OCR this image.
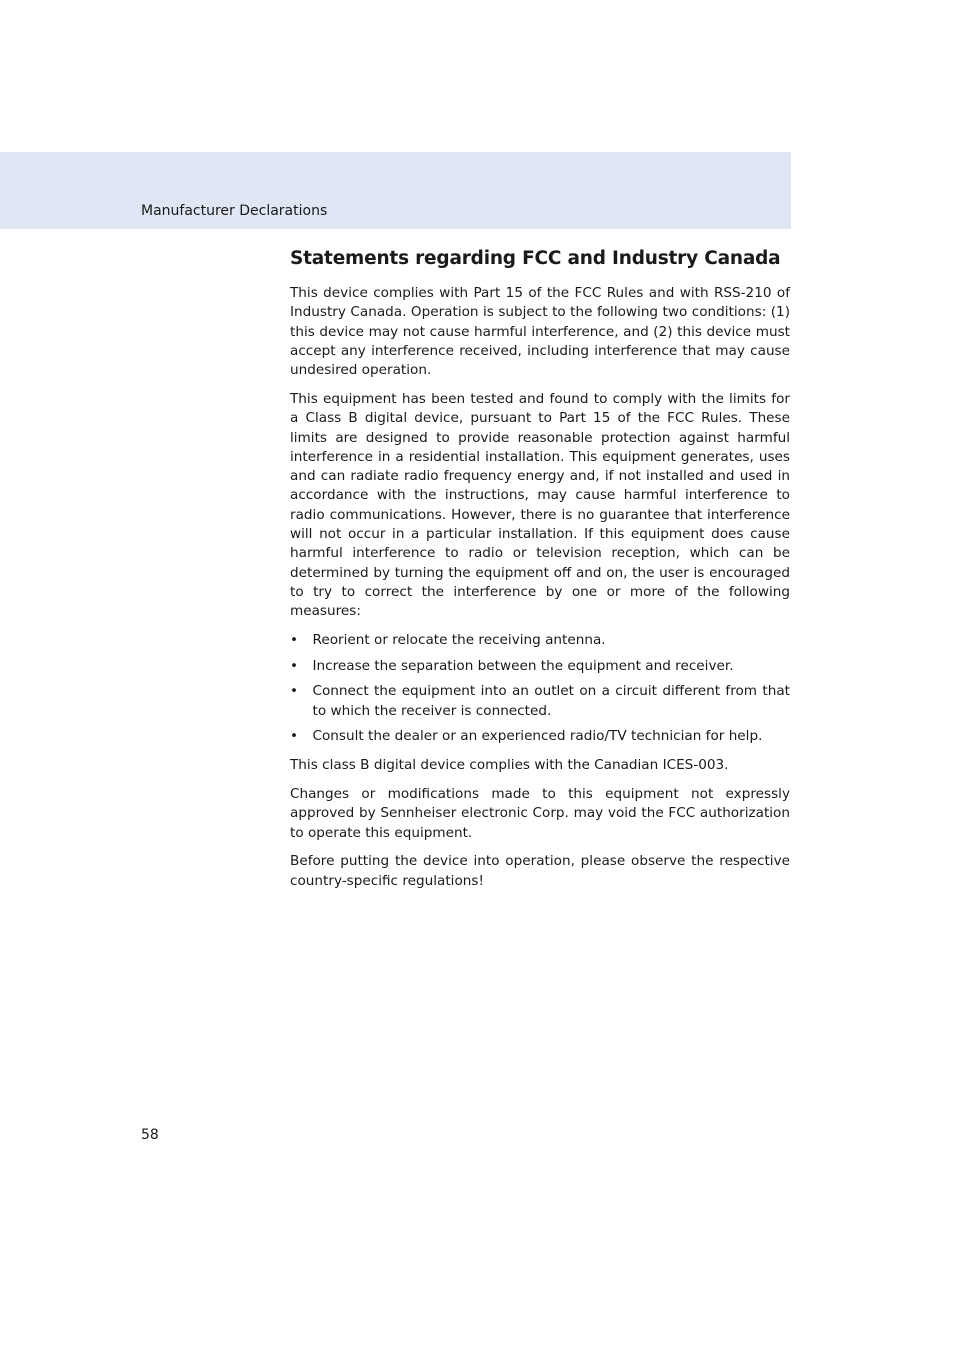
Manufacturer Declarations
Statements regarding FCC and Industry Canada

This device complies with Part 15 of the FCC Rules and with RSS-210 of Industry Canada. Operation is subject to the following two conditions: (1) this device may not cause harmful interference, and (2) this device must accept any interference received, including interference that may cause undesired operation.

This equipment has been tested and found to comply with the limits for a Class B digital device, pursuant to Part 15 of the FCC Rules. These limits are designed to provide reasonable protection against harmful interference in a residential installation. This equipment generates, uses and can radiate radio frequency energy and, if not installed and used in accordance with the instructions, may cause harmful interference to radio communications. However, there is no guarantee that interference will not occur in a particular installation. If this equipment does cause harmful interference to radio or television reception, which can be determined by turning the equipment off and on, the user is encouraged to try to correct the interference by one or more of the following measures:

• Reorient or relocate the receiving antenna.
• Increase the separation between the equipment and receiver.
• Connect the equipment into an outlet on a circuit different from that to which the receiver is connected.
• Consult the dealer or an experienced radio/TV technician for help.

This class B digital device complies with the Canadian ICES-003.

Changes or modifications made to this equipment not expressly approved by Sennheiser electronic Corp. may void the FCC authorization to operate this equipment.

Before putting the device into operation, please observe the respective country-specific regulations!

58
